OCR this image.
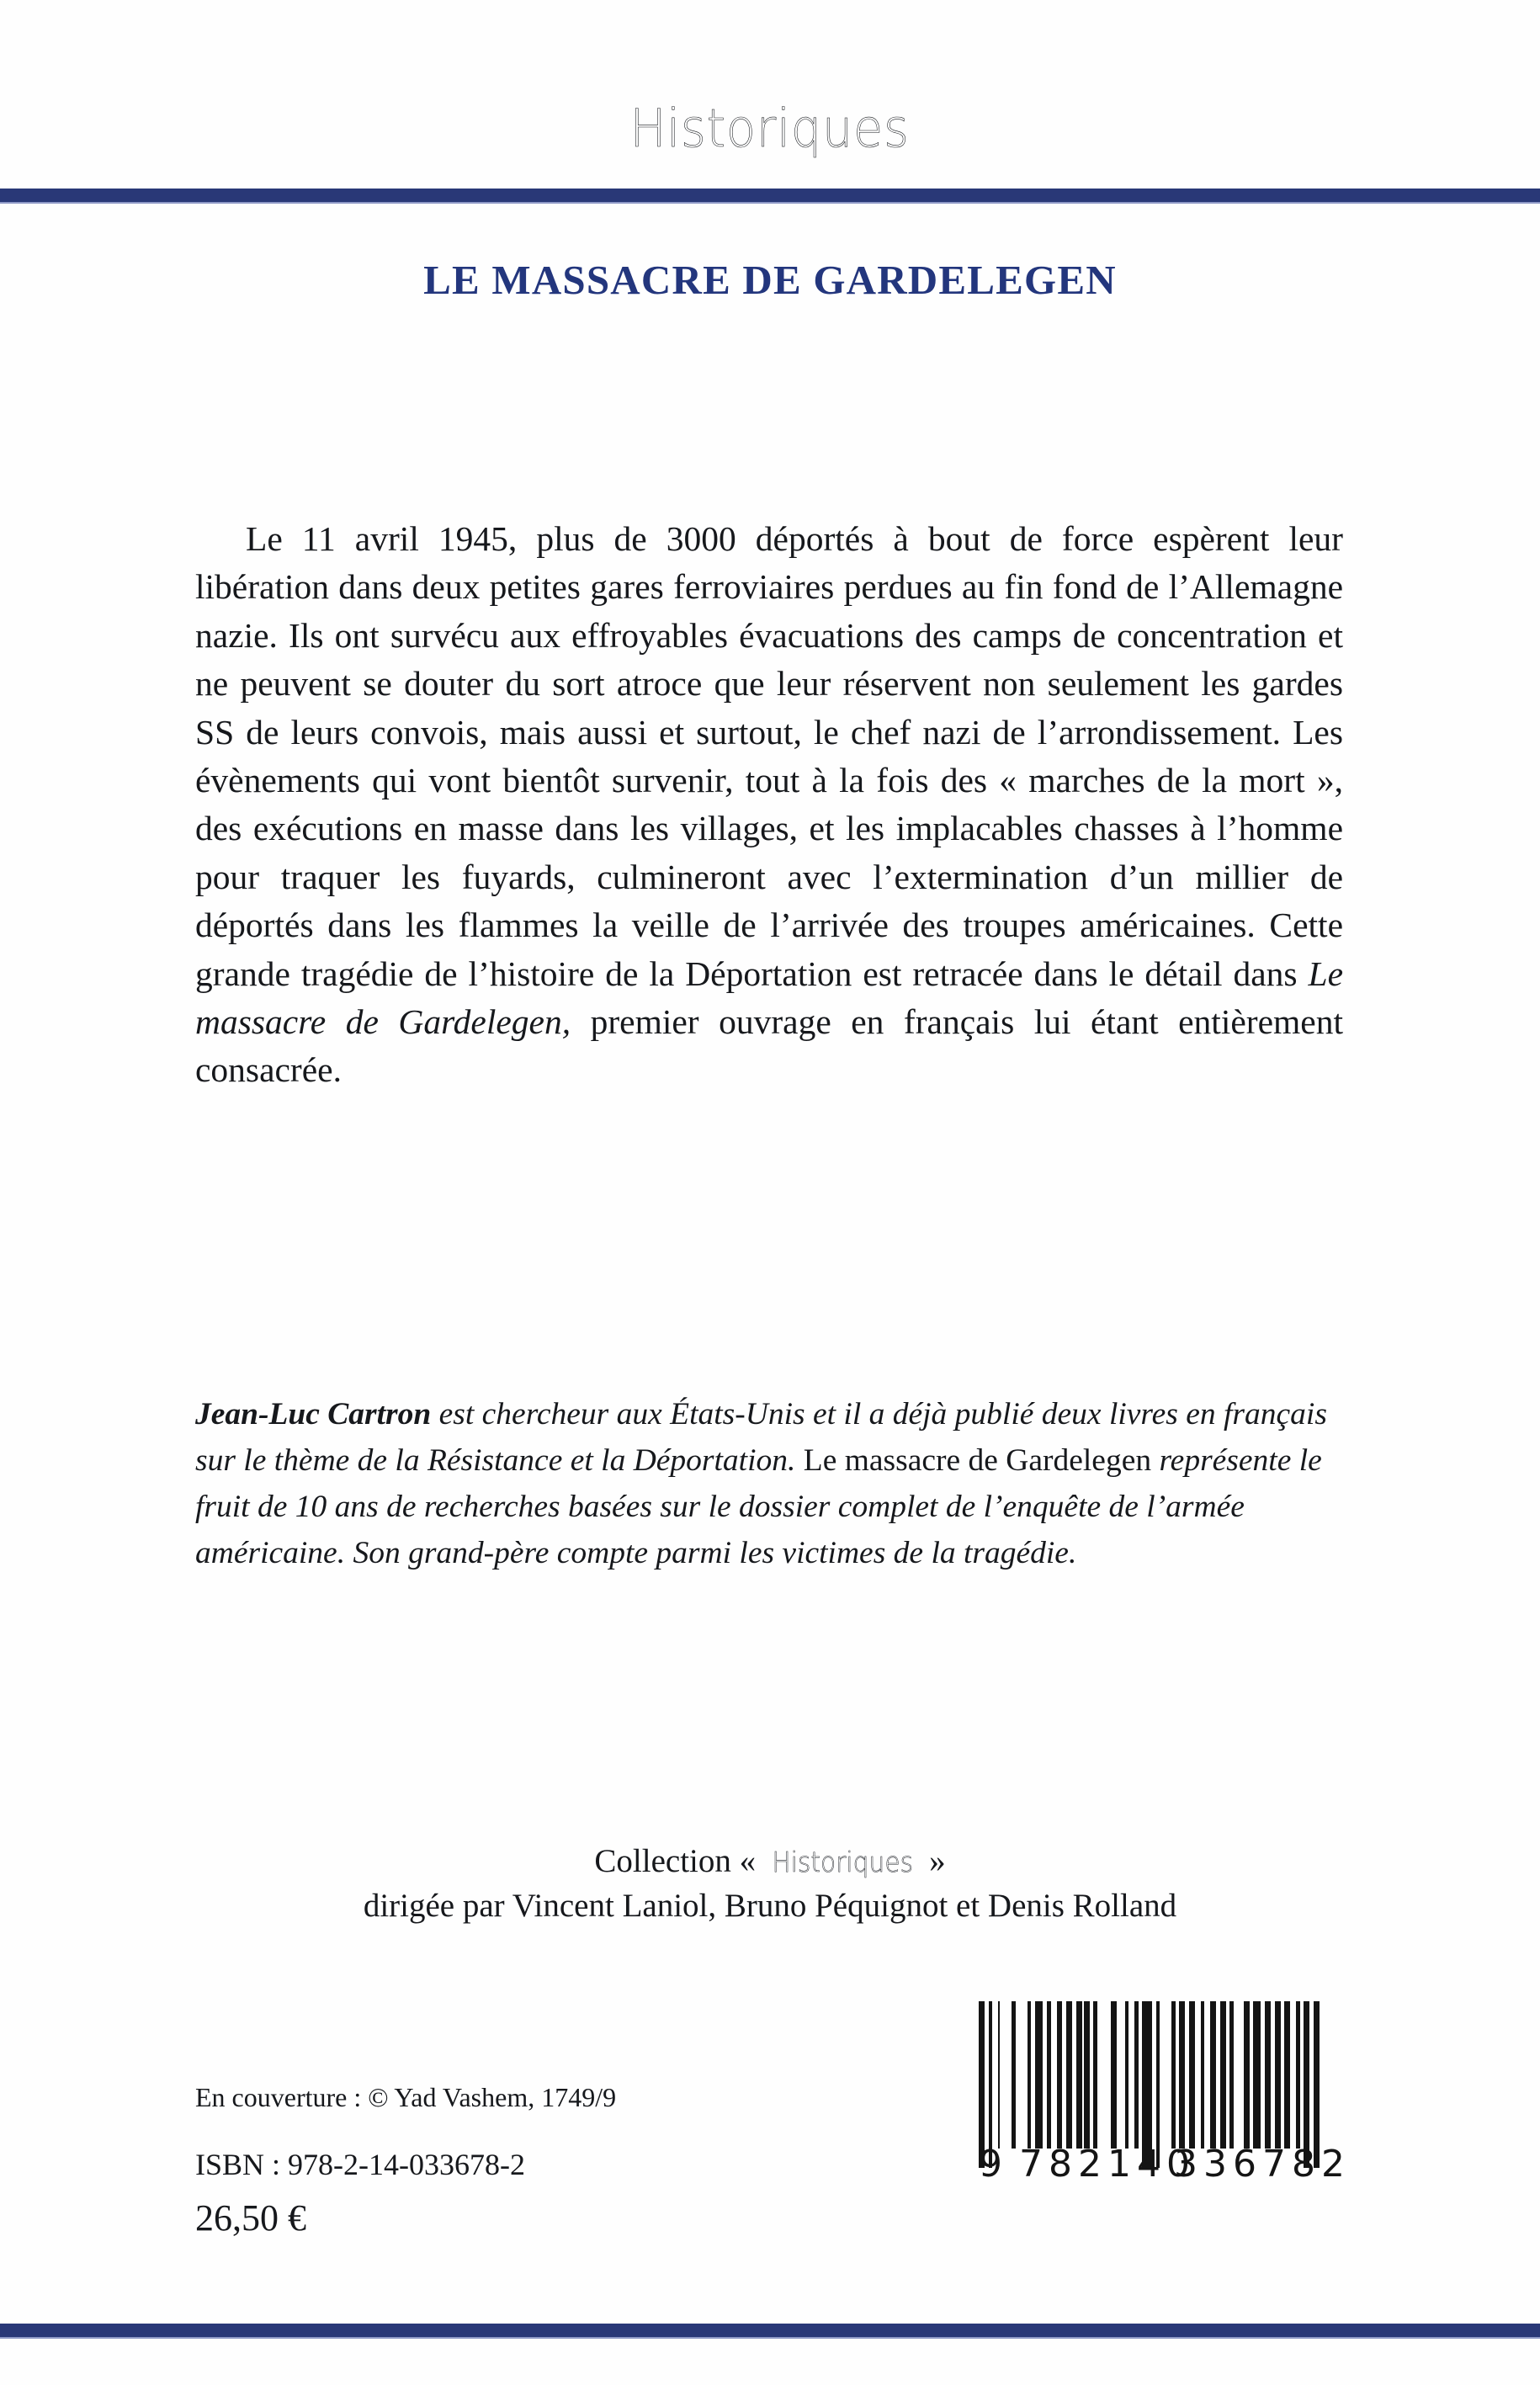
Historiques
LE MASSACRE DE GARDELEGEN
Le 11 avril 1945, plus de 3000 déportés à bout de force espèrent leur libération dans deux petites gares ferroviaires perdues au fin fond de l’Allemagne nazie. Ils ont survécu aux effroyables évacuations des camps de concentration et ne peuvent se douter du sort atroce que leur réservent non seulement les gardes SS de leurs convois, mais aussi et surtout, le chef nazi de l’arrondissement. Les évènements qui vont bientôt survenir, tout à la fois des « marches de la mort », des exécutions en masse dans les villages, et les implacables chasses à l’homme pour traquer les fuyards, culmineront avec l’extermination d’un millier de déportés dans les flammes la veille de l’arrivée des troupes américaines. Cette grande tragédie de l’histoire de la Déportation est retracée dans le détail dans Le massacre de Gardelegen, premier ouvrage en français lui étant entièrement consacrée.
Jean-Luc Cartron est chercheur aux États-Unis et il a déjà publié deux livres en français sur le thème de la Résistance et la Déportation. Le massacre de Gardelegen représente le fruit de 10 ans de recherches basées sur le dossier complet de l’enquête de l’armée américaine. Son grand-père compte parmi les victimes de la tragédie.
Collection « Historiques »
dirigée par Vincent Laniol, Bruno Péquignot et Denis Rolland
En couverture : © Yad Vashem, 1749/9
ISBN : 978-2-14-033678-2
26,50 €
9 782140
336782
